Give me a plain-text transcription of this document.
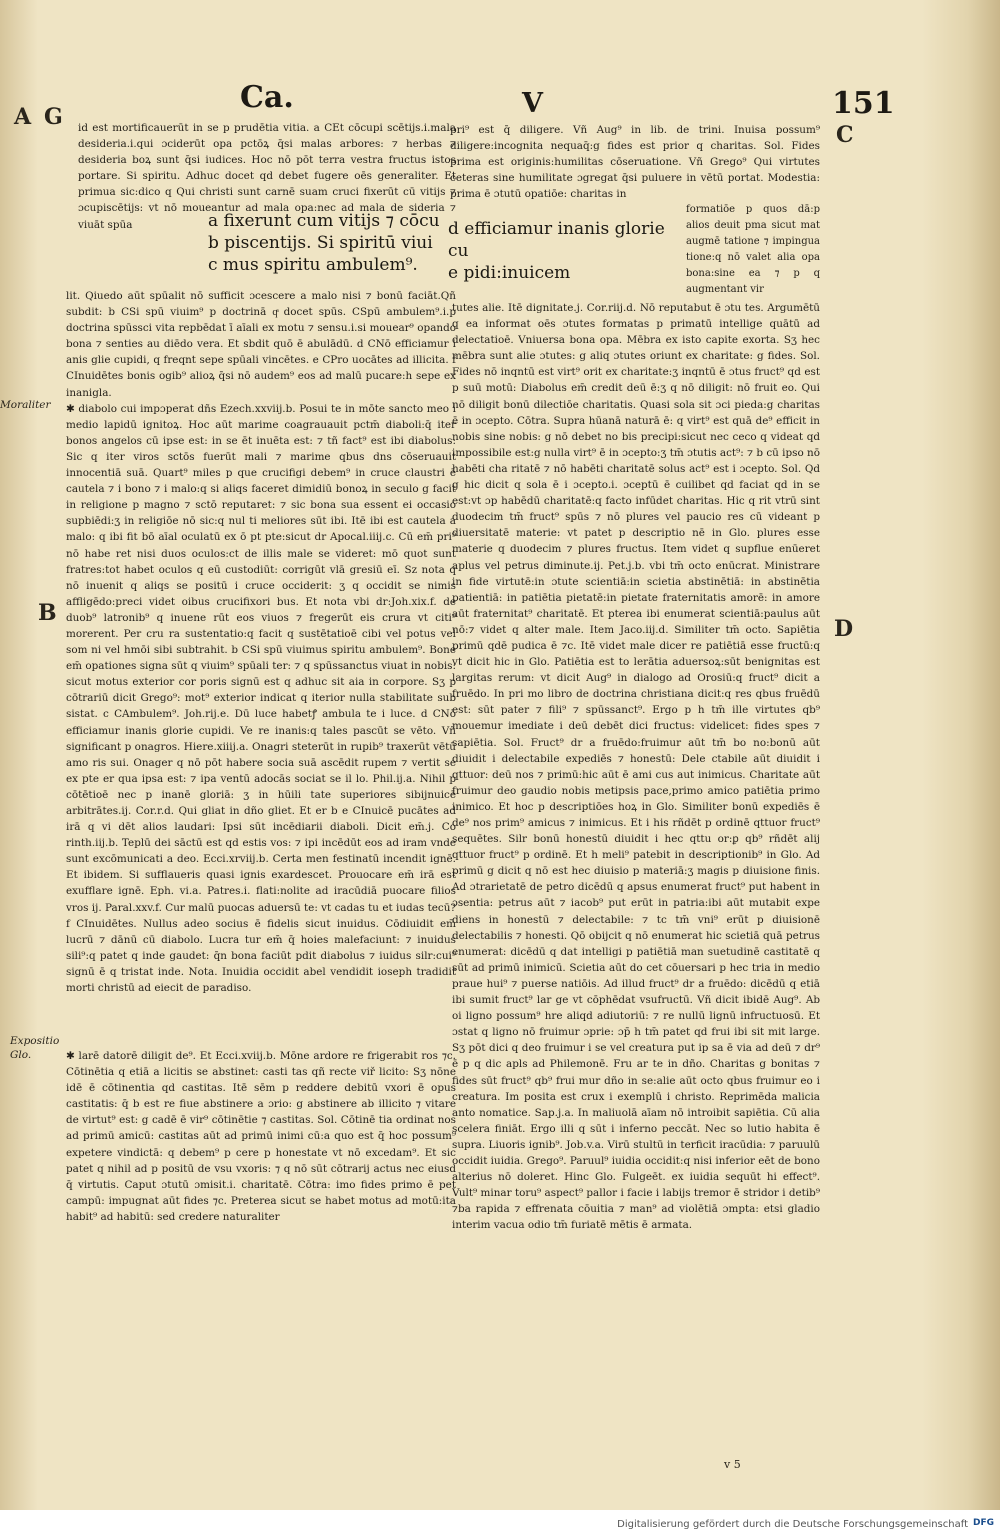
Ca.	V	151
A G
C
B
D
Moraliter
Expositio
Glo.

id est mortificauerūt in se p prudētia vitia. a CEt cōcupi scētijs.i.mala desideria.i.qui ɔciderūt opa pctōꝝ q̄si malas arbores: ⁊ herbas ⁊ desideria boꝝ sunt q̄si iudices. Hoc nō pōt terra vestra fructus istos portare. Si spiritu. Adhuc docet qd debet fugere oēs generaliter. Et primua sic:dico q Qui christi sunt carnē suam cruci fixerūt cū vitijs ⁊ ɔcupiscētijs: vt nō moueantur ad mala opa:nec ad mala de sideria ⁊ viuāt spūa

lit. Qiuedo aūt spūalit nō sufficit ɔcescere a malo nisi ⁊ bonū faciāt.Qñ subdit: b CSi spū viuim⁹ p doctrinā qͣ docet spūs. CSpū ambulem⁹.i.p doctrina spūssci vita repbēdat ī aīali ex motu ⁊ sensu.i.si mouear⁹ opando bona ⁊ senties au diēdo vera. Et sbdit quō ē abulādū. d CNō efficiamur i anis glie cupidi, q freqnt sepe spūali vincētes. e CPro uocātes ad illicita. f CInuidētes bonis ogib⁹ alioꝝ q̄si nō audem⁹ eos ad malū pucare:h sepe ex inanigla.

✱ diabolo cui impɔperat dñs Ezech.xxviij.b. Posui te in mōte sancto meo i medio lapidū ignitoꝝ. Hoc aūt marime coagrauauit pctm̄ diaboli:q̄ iter bonos angelos cū ipse est: in se ēt inuēta est: ⁊ tñ fact⁹ est ibi diabolus: Sic q iter viros sctōs fuerūt mali ⁊ marime qbus dns cōseruauit innocentiā suā. Quart⁹ miles p que crucifigi debem⁹ in cruce claustri ē cautela ⁊ i bono ⁊ i malo:q si aliqs faceret dimidiū bonoꝝ in seculo g facit in religione p magno ⁊ sctō reputaret: ⁊ sic bona sua essent ei occasio supbiēdi:ʒ in religiōe nō sic:q nul ti meliores sūt ibi. Itē ibi est cautela a malo: q ibi fit bō aīal oculatū ex ō pt pte:sicut dr Apocal.iiij.c. Cū em̄ pri⁹ nō habe ret nisi duos oculos:ct de illis male se videret: mō quot sunt fratres:tot habet oculos q eū custodiūt: corrigūt vlā gresiū eī. Sz nota q nō inuenit q aliqs se positū i cruce occiderit: ʒ q occidit se nimis affligēdo:preci videt oibus crucifixori bus. Et nota vbi dr:Joh.xix.f. de duob⁹ latronib⁹ q inuene rūt eos viuos ⁊ fregerūt eis crura vt citi⁹ morerent. Per cru ra sustentatio:q facit q sustētatioē cibi vel potus vel som ni vel hmōi sibi subtrahit. b CSi spū viuimus spiritu ambulem⁹. Bone em̄ opationes signa sūt q viuim⁹ spūali ter: ⁊ q spūssanctus viuat in nobis: sicut motus exterior cor poris signū est q adhuc sit aia in corpore. Sʒ p cōtrariū dicit Grego⁹: mot⁹ exterior indicat q iterior nulla stabilitate sub sistat. c CAmbulem⁹. Joh.rij.e. Dū luce habetꝭ ambula te i luce. d CNō efficiamur inanis glorie cupidi. Ve re inanis:q tales pascūt se vēto. Vñ significant p onagros. Hiere.xiiij.a. Onagri steterūt in rupib⁹ traxerūt vētū amo ris sui. Onager q nō pōt habere socia suā ascēdit rupem ⁊ vertit se ex pte er qua ipsa est: ⁊ ipa ventū adocās sociat se il lo. Phil.ij.a. Nihil p cōtētioē nec p inanē gloriā: ʒ in hūili tate superiores sibijnuicē arbitrātes.ij. Cor.r.d. Qui gliat in dño gliet. Et er b e CInuicē pucātes ad irā q vi dēt alios laudari: Ipsi sūt incēdiarii diaboli. Dicit em̄.j. Co rinth.iij.b. Teplū dei sāctū est qd estis vos: ⁊ ipi incēdūt eos ad iram vnde sunt excōmunicati a deo. Ecci.xrviij.b. Certa men festinatū incendit ignē. Et ibidem. Si sufflaueris quasi ignis exardescet. Prouocare em̄ irā est exufflare ignē. Eph. vi.a. Patres.i. flati:nolite ad iracūdiā puocare filios vros ij. Paral.xxv.f. Cur malū puocas aduersū te: vt cadas tu et iudas tecū? f CInuidētes. Nullus adeo socius ē fidelis sicut inuidus. Cōdiuidit em̄ lucrū ⁊ dānū cū diabolo. Lucra tur em̄ q̄ hoies malefaciunt: ⁊ inuidus sili⁹:q patet q inde gaudet: q̄n bona faciūt pdit diabolus ⁊ iuidus silr:cui⁹ signū ē q tristat inde. Nota. Inuidia occidit abel vendidit ioseph tradidit morti christū ad eiecit de paradiso.

✱ larē datorē diligit de⁹. Et Ecci.xviij.b. Mōne ardore re frigerabit ros ⁊c. Cōtinētia q etiā a licitis se abstinet: casti tas qñ recte viř licito: Sʒ nōne idē ē cōtinentia qd castitas. Itē sēm p reddere debitū vxori ē opus castitatis: q̄ b est re fiue abstinere a ɔrio: g abstinere ab illicito ⁊ vitare de virtut⁹ est: g cadē ē vir⁹ cōtinētie ⁊ castitas. Sol. Cōtinē tia ordinat nos ad primū amicū: castitas aūt ad primū inimi cū:a quo est q̄ hoc possum⁹ expetere vindictā: q debem⁹ p cere p honestate vt nō excedam⁹. Et sic patet q nihil ad p positū de vsu vxoris: ⁊ q nō sūt cōtrarij actus nec eiusd q̄ virtutis. Caput ɔtutū ɔmisit.i. charitatē. Cōtra: imo fides primo ē pet campū: impugnat aūt fides ⁊c. Preterea sicut se habet motus ad motū:ita habit⁹ ad habitū: sed credere naturaliter

a fixerunt cum vitijs ⁊ cōcu

b piscentijs. Si spiritū viui

c mus spiritu ambulem⁹.

d efficiamur inanis glorie cu

e pidi:inuicem

pri⁹ est q̄ diligere. Vñ Aug⁹ in lib. de trini. Inuisa possum⁹ diligere:incognita nequaq̄:g fides est prior q charitas. Sol. Fides prima est originis:humilitas cōseruatione. Vñ Grego⁹ Qui virtutes ceteras sine humilitate ɔgregat q̄si puluere in vētū portat. Modestia: prima ē ɔtutū opatiōe: charitas in

formatiōe p quos dā:p alios deuit pma sicut mat augmē tatione ⁊ impingua tione:q nō valet alia opa bona:sine ea ⁊ p q augmentant vir

tutes alie. Itē dignitate.j. Cor.riij.d. Nō reputabut ē ɔtu tes. Argumētū q ea informat oēs ɔtutes formatas p primatū intellige quātū ad delectatioē. Vniuersa bona opa. Mēbra ex isto capite exorta. Sʒ hec mēbra sunt alie ɔtutes: g aliq ɔtutes oriunt ex charitate: g fides. Sol. Fides nō inqntū est virt⁹ orit ex charitate:ʒ inqntū ē ɔtus fruct⁹ qd est p suū motū: Diabolus em̄ credit deū ē:ʒ q nō diligit: nō fruit eo. Qui nō diligit bonū dilectiōe charitatis. Quasi sola sit ɔci pieda:g charitas ē in ɔcepto. Cōtra. Supra hūanā naturā ē: q virt⁹ est quā de⁹ efficit in nobis sine nobis: g nō debet no bis precipi:sicut nec ceco q videat qd impossibile est:g nulla virt⁹ ē in ɔcepto:ʒ tm̄ ɔtutis act⁹: ⁊ b cū ipso nō habēti cha ritatē ⁊ nō habēti charitatē solus act⁹ est i ɔcepto. Sol. Qd g hic dicit q sola ē i ɔcepto.i. ɔceptū ē cuilibet qd faciat qd in se est:vt ɔp habēdū charitatē:q facto infūdet charitas. Hic q rit vtrū sint duodecim tm̄ fruct⁹ spūs ⁊ nō plures vel paucio res cū videant p diuersitatē materie: vt patet p descriptio nē in Glo. plures esse materie q duodecim ⁊ plures fructus. Item videt q supflue enūeret aplus vel petrus diminute.ij. Pet.j.b. vbi tm̄ octo enūcrat. Ministrare in fide virtutē:in ɔtute scientiā:in scietia abstinētiā: in abstinētia patientiā: in patiētia pietatē:in pietate fraternitatis amorē: in amore aūt fraternitat⁹ charitatē. Et pterea ibi enumerat scientiā:paulus aūt nō:⁊ videt q alter male. Item Jaco.iij.d. Similiter tm̄ octo. Sapiētia primū qdē pudica ē ⁊c. Itē videt male dicer re patiētiā esse fructū:q vt dicit hic in Glo. Patiētia est to lerātia aduersoꝝ:sūt benignitas est largitas rerum: vt dicit Aug⁹ in dialogo ad Orosiū:q fruct⁹ dicit a fruēdo. In pri mo libro de doctrina christiana dicit:q res qbus fruēdū est: sūt pater ⁊ fili⁹ ⁊ spūssanct⁹. Ergo p h tm̄ ille virtutes qb⁹ mouemur imediate i deū debēt dici fructus: videlicet: fides spes ⁊ sapiētia. Sol. Fruct⁹ dr a fruēdo:fruimur aūt tm̄ bo no:bonū aūt diuidit i delectabile expediēs ⁊ honestū: Dele ctabile aūt diuidit i qttuor: deū nos ⁊ primū:hic aūt ē ami cus aut inimicus. Charitate aūt fruimur deo gaudio nobis metipsis pace,primo amico patiētia primo inimico. Et hoc p descriptiōes hoꝝ in Glo. Similiter bonū expediēs ē de⁹ nos prim⁹ amicus ⁊ inimicus. Et i his rñdēt p ordinē qttuor fruct⁹ sequētes. Silr bonū honestū diuidit i hec qttu or:ꝑ qb⁹ rñdēt alij qttuor fruct⁹ p ordinē. Et h meli⁹ patebit in descriptionib⁹ in Glo. Ad primū g dicit q nō est hec diuisio p materiā:ʒ magis p diuisione finis. Ad ɔtrarietatē de petro dicēdū q apsus enumerat fruct⁹ put habent in ɔsentia: petrus aūt ⁊ iacob⁹ put erūt in patria:ibi aūt mutabit expe diens in honestū ⁊ delectabile: ⁊ tc tm̄ vni⁹ erūt p diuisionē delectabilis ⁊ honesti. Qō obijcit q nō enumerat hic scietiā quā petrus enumerat: dicēdū q dat intelligi p patiētiā man suetudinē castitatē q sūt ad primū inimicū. Scietia aūt do cet cōuersari p hec tria in medio praue hui⁹ ⁊ puerse natiōis. Ad illud fruct⁹ dr a fruēdo: dicēdū q etiā ibi sumit fruct⁹ lar ge vt cōphēdat vsufructū. Vñ dicit ibidē Aug⁹. Ab oi ligno possum⁹ hre aliqd adiutoriū: ⁊ re nullū lignū infructuosū. Et ɔstat q ligno nō fruimur ɔprie: ɔp̄ h tm̄ patet qd frui ibi sit mit large. Sʒ pōt dici q deo fruimur i se vel creatura put ip sa ē via ad deū ⁊ dr⁹ ē p q dic apls ad Philemonē. Fru ar te in dño. Charitas g bonitas ⁊ fides sūt fruct⁹ qb⁹ frui mur dño in se:alie aūt octo qbus fruimur eo i creatura. Im posita est crux i exemplū i christo. Reprimēda malicia anto nomatice. Sap.j.a. In maliuolā aīam nō introibit sapiētia. Cū alia scelera finiāt. Ergo illi q sūt i inferno peccāt. Nec so lutio habita ē supra. Liuoris ignib⁹. Job.v.a. Virū stultū in terficit iracūdia: ⁊ paruulū occidit iuidia. Grego⁹. Paruul⁹ iuidia occidit:q nisi inferior eēt de bono alterius nō doleret. Hinc Glo. Fulgeēt. ex iuidia sequūt hi effect⁹. Vult⁹ minar toru⁹ aspect⁹ pallor i facie i labijs tremor ē stridor i detib⁹ ⁊ba rapida ⁊ effrenata cōuitia ⁊ man⁹ ad violētiā ɔmpta: etsi gladio interim vacua odio tm̄ furiatē mētis ē armata.

v 5
Digitalisierung gefördert durch die Deutsche Forschungsgemeinschaft DFG
